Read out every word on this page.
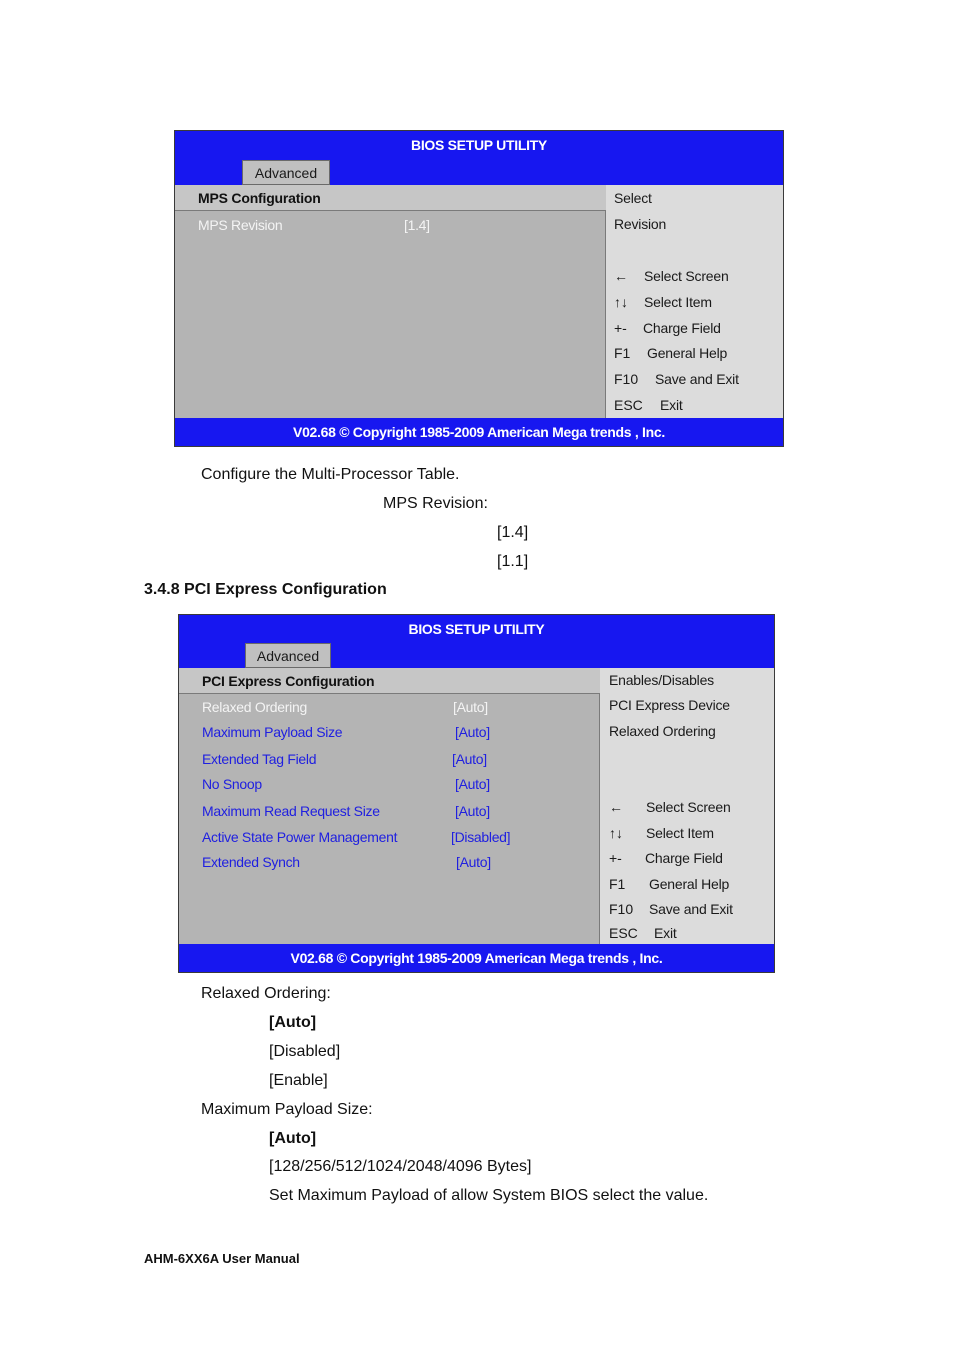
BIOS SETUP UTILITY
Advanced
MPS Configuration
MPS Revision	[1.4]
Select
Revision
← Select Screen
↑↓ Select Item
+- Charge Field
F1 General Help
F10 Save and Exit
ESC Exit
V02.68 © Copyright 1985-2009 American Mega trends , Inc.
Configure the Multi-Processor Table.
MPS Revision:
[1.4]
[1.1]
3.4.8 PCI Express Configuration
BIOS SETUP UTILITY
Advanced
PCI Express Configuration
Relaxed Ordering	[Auto]
Maximum Payload Size	[Auto]
Extended Tag Field	[Auto]
No Snoop	[Auto]
Maximum Read Request Size	[Auto]
Active State Power Management	[Disabled]
Extended Synch	[Auto]
Enables/Disables
PCI Express Device
Relaxed Ordering
← Select Screen
↑↓ Select Item
+- Charge Field
F1 General Help
F10 Save and Exit
ESC Exit
V02.68 © Copyright 1985-2009 American Mega trends , Inc.
Relaxed Ordering:
[Auto]
[Disabled]
[Enable]
Maximum Payload Size:
[Auto]
[128/256/512/1024/2048/4096 Bytes]
Set Maximum Payload of allow System BIOS select the value.
AHM-6XX6A User Manual
